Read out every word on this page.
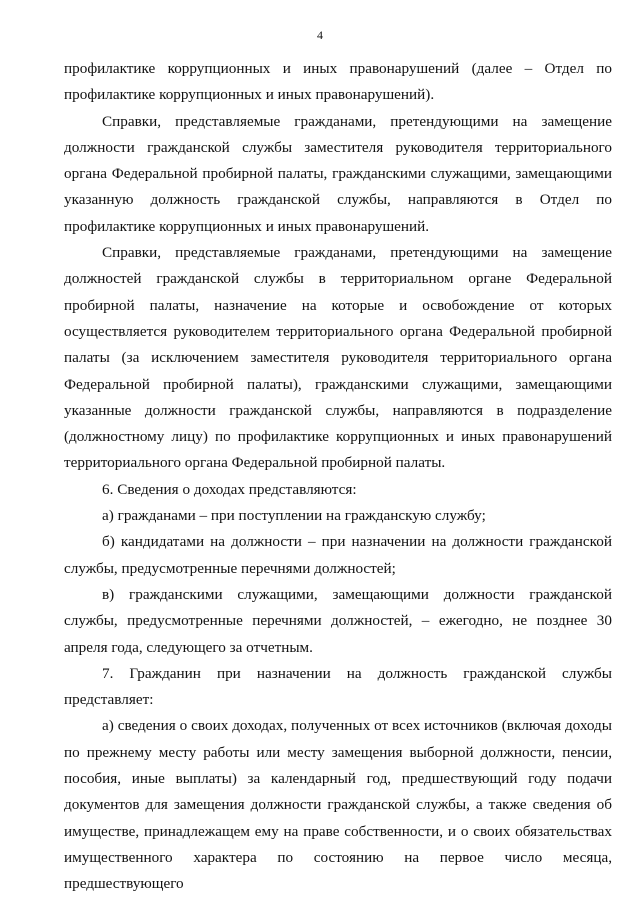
4

профилактике коррупционных и иных правонарушений (далее – Отдел по профилактике коррупционных и иных правонарушений).

Справки, представляемые гражданами, претендующими на замещение должности гражданской службы заместителя руководителя территориального органа Федеральной пробирной палаты, гражданскими служащими, замещающими указанную должность гражданской службы, направляются в Отдел по профилактике коррупционных и иных правонарушений.

Справки, представляемые гражданами, претендующими на замещение должностей гражданской службы в территориальном органе Федеральной пробирной палаты, назначение на которые и освобождение от которых осуществляется руководителем территориального органа Федеральной пробирной палаты (за исключением заместителя руководителя территориального органа Федеральной пробирной палаты), гражданскими служащими, замещающими указанные должности гражданской службы, направляются в подразделение (должностному лицу) по профилактике коррупционных и иных правонарушений территориального органа Федеральной пробирной палаты.

6. Сведения о доходах представляются:

а) гражданами – при поступлении на гражданскую службу;

б) кандидатами на должности – при назначении на должности гражданской службы, предусмотренные перечнями должностей;

в) гражданскими служащими, замещающими должности гражданской службы, предусмотренные перечнями должностей, – ежегодно, не позднее 30 апреля года, следующего за отчетным.

7. Гражданин при назначении на должность гражданской службы представляет:

а) сведения о своих доходах, полученных от всех источников (включая доходы по прежнему месту работы или месту замещения выборной должности, пенсии, пособия, иные выплаты) за календарный год, предшествующий году подачи документов для замещения должности гражданской службы, а также сведения об имуществе, принадлежащем ему на праве собственности, и о своих обязательствах имущественного характера по состоянию на первое число месяца, предшествующего
